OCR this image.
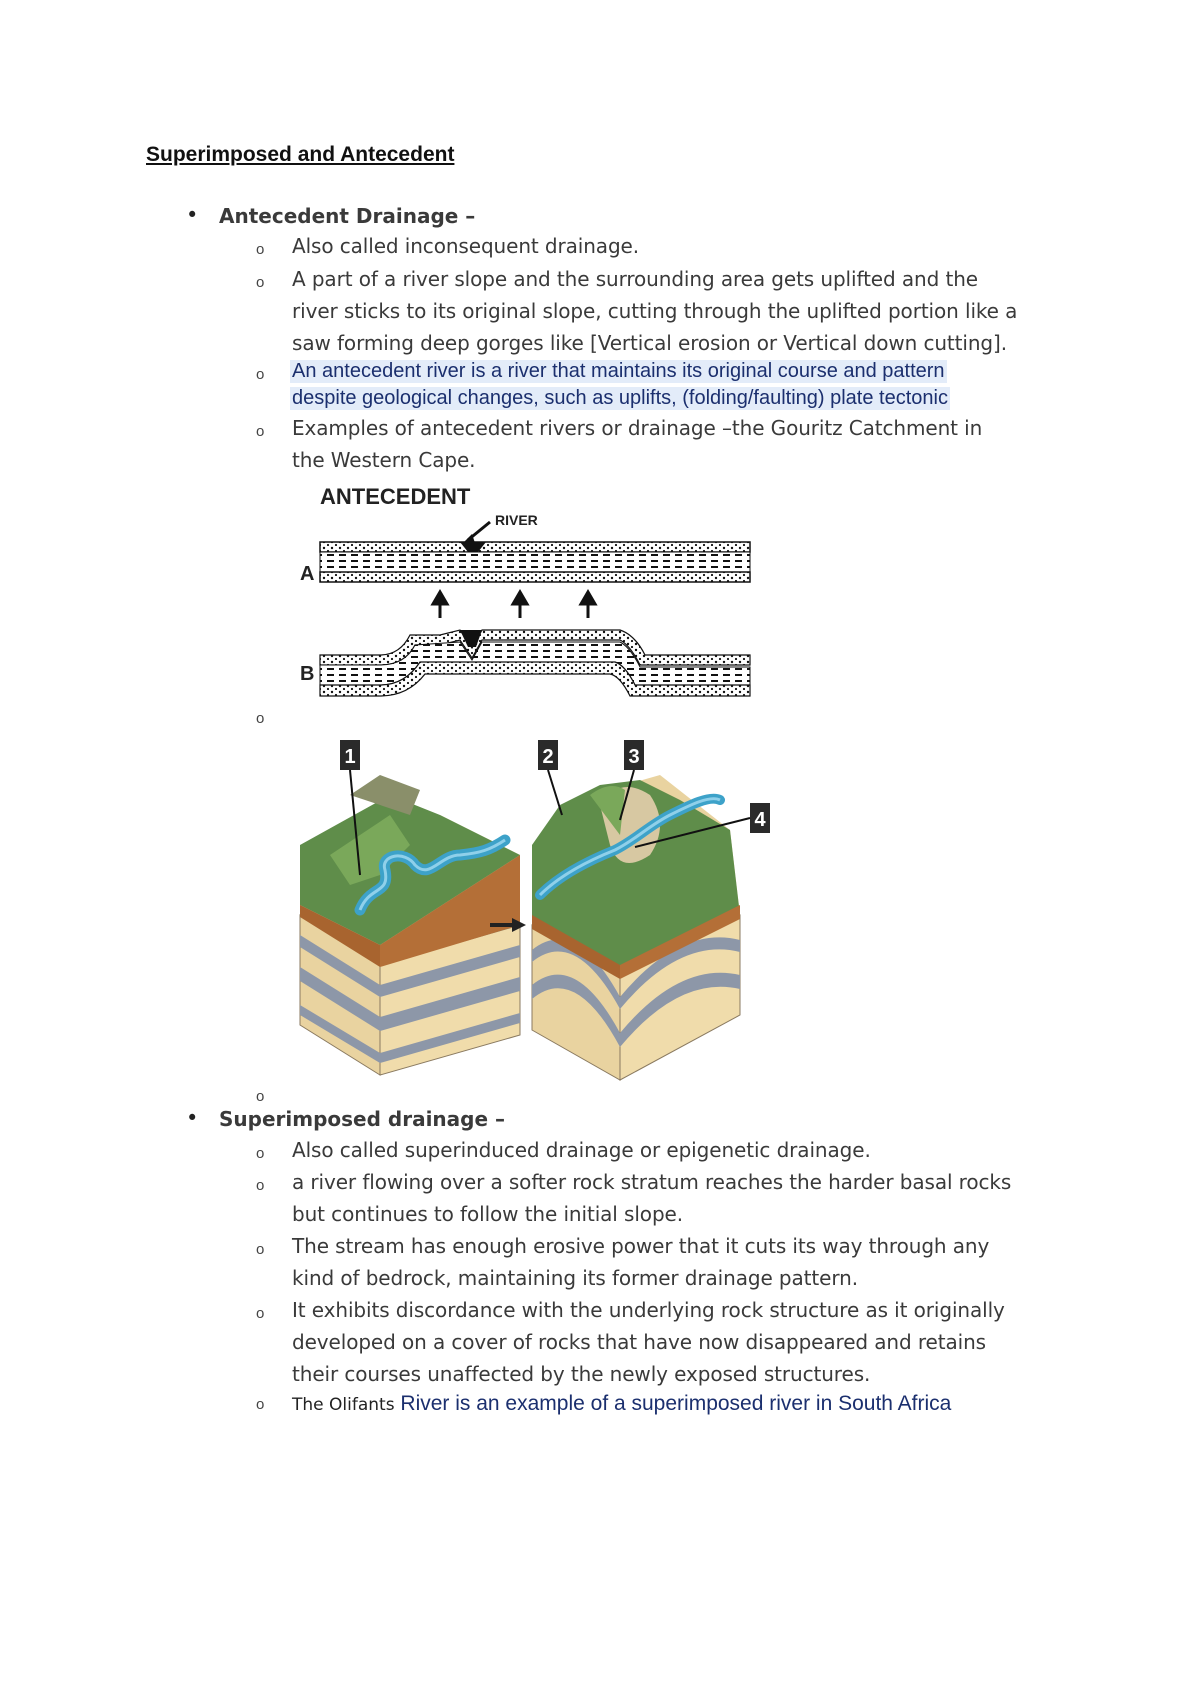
Superimposed and Antecedent
• Antecedent Drainage –
o Also called inconsequent drainage.
o A part of a river slope and the surrounding area gets uplifted and the
river sticks to its original slope, cutting through the uplifted portion like a
saw forming deep gorges like [Vertical erosion or Vertical down cutting].
o An antecedent river is a river that maintains its original course and pattern
despite geological changes, such as uplifts, (folding/faulting) plate tectonic
o Examples of antecedent rivers or drainage –the Gouritz Catchment in
the Western Cape.
ANTECEDENT
RIVER
A
B
o
1	2	3
4
o
• Superimposed drainage –
o Also called superinduced drainage or epigenetic drainage.
o a river flowing over a softer rock stratum reaches the harder basal rocks
but continues to follow the initial slope.
o The stream has enough erosive power that it cuts its way through any
kind of bedrock, maintaining its former drainage pattern.
o It exhibits discordance with the underlying rock structure as it originally
developed on a cover of rocks that have now disappeared and retains
their courses unaffected by the newly exposed structures.
o The Olifants River is an example of a superimposed river in South Africa
